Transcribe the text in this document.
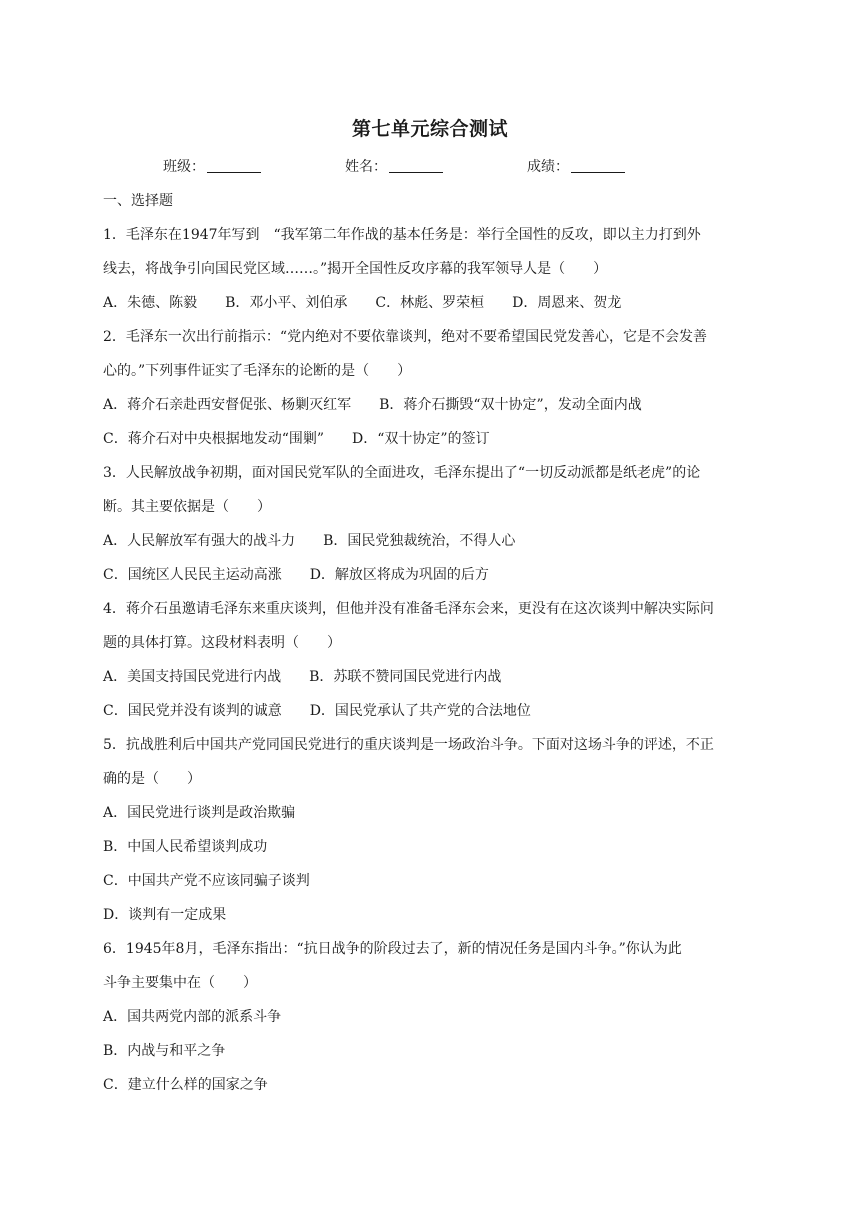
第七单元综合测试
班级：	姓名：	成绩：
一、选择题
1．毛泽东在1947年写到　“我军第二年作战的基本任务是：举行全国性的反攻，即以主力打到外
线去，将战争引向国民党区域……。”揭开全国性反攻序幕的我军领导人是（　　）
A．朱德、陈毅　　B．邓小平、刘伯承　　C．林彪、罗荣桓　　D．周恩来、贺龙
2．毛泽东一次出行前指示：“党内绝对不要依靠谈判，绝对不要希望国民党发善心，它是不会发善
心的。”下列事件证实了毛泽东的论断的是（　　）
A．蒋介石亲赴西安督促张、杨剿灭红军　　B．蒋介石撕毁“双十协定”，发动全面内战
C．蒋介石对中央根据地发动“围剿”　　D．“双十协定”的签订
3．人民解放战争初期，面对国民党军队的全面进攻，毛泽东提出了“一切反动派都是纸老虎”的论
断。其主要依据是（　　）
A．人民解放军有强大的战斗力　　B．国民党独裁统治，不得人心
C．国统区人民民主运动高涨　　D．解放区将成为巩固的后方
4．蒋介石虽邀请毛泽东来重庆谈判，但他并没有准备毛泽东会来，更没有在这次谈判中解决实际问
题的具体打算。这段材料表明（　　）
A．美国支持国民党进行内战　　B．苏联不赞同国民党进行内战
C．国民党并没有谈判的诚意　　D．国民党承认了共产党的合法地位
5．抗战胜利后中国共产党同国民党进行的重庆谈判是一场政治斗争。下面对这场斗争的评述，不正
确的是（　　）
A．国民党进行谈判是政治欺骗
B．中国人民希望谈判成功
C．中国共产党不应该同骗子谈判
D．谈判有一定成果
6．1945年8月，毛泽东指出：“抗日战争的阶段过去了，新的情况任务是国内斗争。”你认为此
斗争主要集中在（　　）
A．国共两党内部的派系斗争
B．内战与和平之争
C．建立什么样的国家之争
